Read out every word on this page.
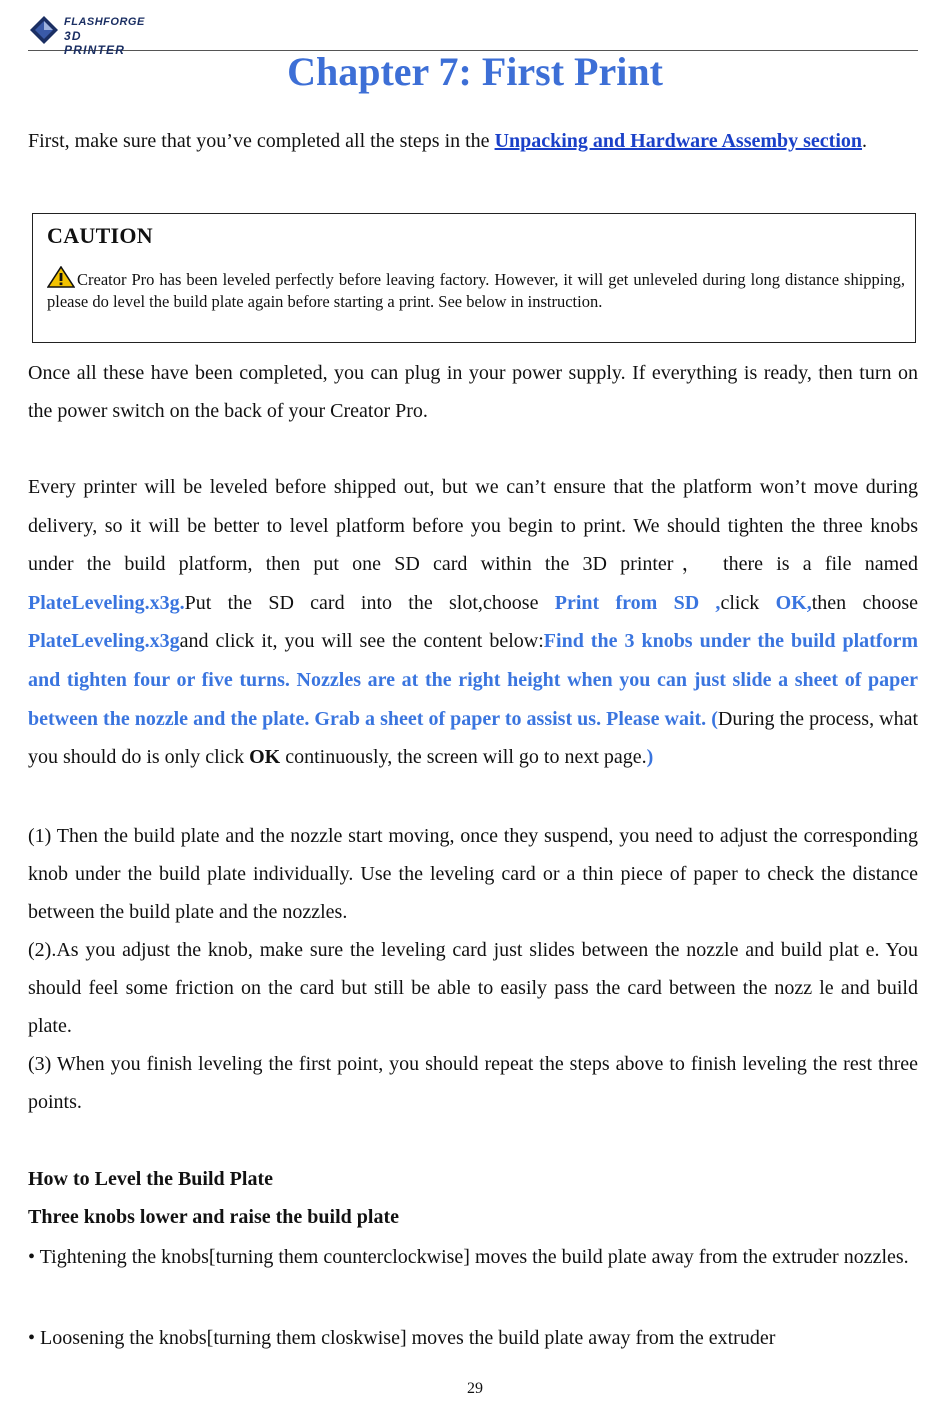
FLASHFORGE
3D PRINTER	Chapter 7: First Print
First, make sure that you’ve completed all the steps in the Unpacking and Hardware Assemby section.
CAUTION
Creator Pro has been leveled perfectly before leaving factory. However, it will get unleveled during long distance shipping, please do level the build plate again before starting a print. See below in instruction.
Once all these have been completed, you can plug in your power supply. If everything is ready, then turn on the power switch on the back of your Creator Pro.
Every printer will be leveled before shipped out, but we can’t ensure that the platform won’t move during delivery, so it will be better to level platform before you begin to print. We should tighten the three knobs under the build platform, then put one SD card within the 3D printer， there is a file named PlateLeveling.x3g.Put the SD card into the slot,choose Print from SD ,click OK,then choose PlateLeveling.x3gand click it, you will see the content below:Find the 3 knobs under the build platform and tighten four or five turns. Nozzles are at the right height when you can just slide a sheet of paper between the nozzle and the plate. Grab a sheet of paper to assist us. Please wait. (During the process, what you should do is only click OK continuously, the screen will go to next page.)
(1) Then the build plate and the nozzle start moving, once they suspend, you need to adjust the corresponding knob under the build plate individually. Use the leveling card or a thin piece of paper to check the distance between the build plate and the nozzles.
(2).As you adjust the knob, make sure the leveling card just slides between the nozzle and build plat e. You should feel some friction on the card but still be able to easily pass the card between the nozz le and build plate.
(3) When you finish leveling the first point, you should repeat the steps above to finish leveling the rest three points.
How to Level the Build Plate
Three knobs lower and raise the build plate
• Tightening the knobs[turning them counterclockwise] moves the build plate away from the extruder nozzles.
• Loosening the knobs[turning them closkwise] moves the build plate away from the extruder
29
